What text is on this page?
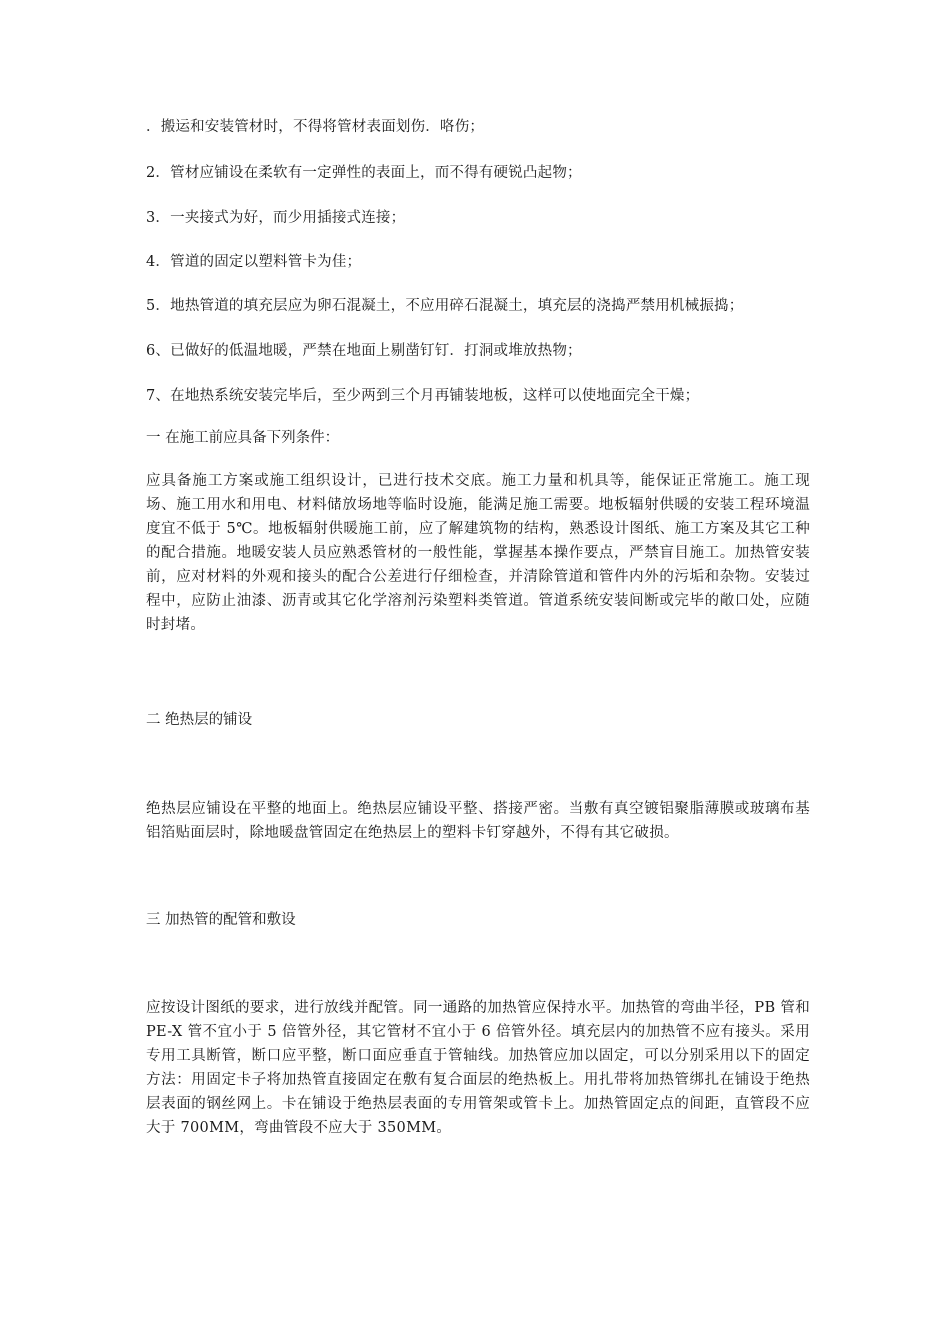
．搬运和安装管材时，不得将管材表面划伤．咯伤；
2．管材应铺设在柔软有一定弹性的表面上，而不得有硬锐凸起物；
3．一夹接式为好，而少用插接式连接；
4．管道的固定以塑料管卡为佳；
5．地热管道的填充层应为卵石混凝土，不应用碎石混凝土，填充层的浇捣严禁用机械振捣；
6、已做好的低温地暖，严禁在地面上剔凿钉钉．打洞或堆放热物；
7、在地热系统安装完毕后，至少两到三个月再铺装地板，这样可以使地面完全干燥；
一 在施工前应具备下列条件：
应具备施工方案或施工组织设计，已进行技术交底。施工力量和机具等，能保证正常施工。施工现场、施工用水和用电、材料储放场地等临时设施，能满足施工需要。地板辐射供暖的安装工程环境温度宜不低于 5℃。地板辐射供暖施工前，应了解建筑物的结构，熟悉设计图纸、施工方案及其它工种的配合措施。地暖安装人员应熟悉管材的一般性能，掌握基本操作要点，严禁盲目施工。加热管安装前，应对材料的外观和接头的配合公差进行仔细检查，并清除管道和管件内外的污垢和杂物。安装过程中，应防止油漆、沥青或其它化学溶剂污染塑料类管道。管道系统安装间断或完毕的敞口处，应随时封堵。
二 绝热层的铺设
绝热层应铺设在平整的地面上。绝热层应铺设平整、搭接严密。当敷有真空镀铝聚脂薄膜或玻璃布基铝箔贴面层时，除地暖盘管固定在绝热层上的塑料卡钉穿越外，不得有其它破损。
三 加热管的配管和敷设
应按设计图纸的要求，进行放线并配管。同一通路的加热管应保持水平。加热管的弯曲半径，PB 管和 PE-X 管不宜小于 5 倍管外径，其它管材不宜小于 6 倍管外径。填充层内的加热管不应有接头。采用专用工具断管，断口应平整，断口面应垂直于管轴线。加热管应加以固定，可以分别采用以下的固定方法：用固定卡子将加热管直接固定在敷有复合面层的绝热板上。用扎带将加热管绑扎在铺设于绝热层表面的钢丝网上。卡在铺设于绝热层表面的专用管架或管卡上。加热管固定点的间距，直管段不应大于 700MM，弯曲管段不应大于 350MM。
